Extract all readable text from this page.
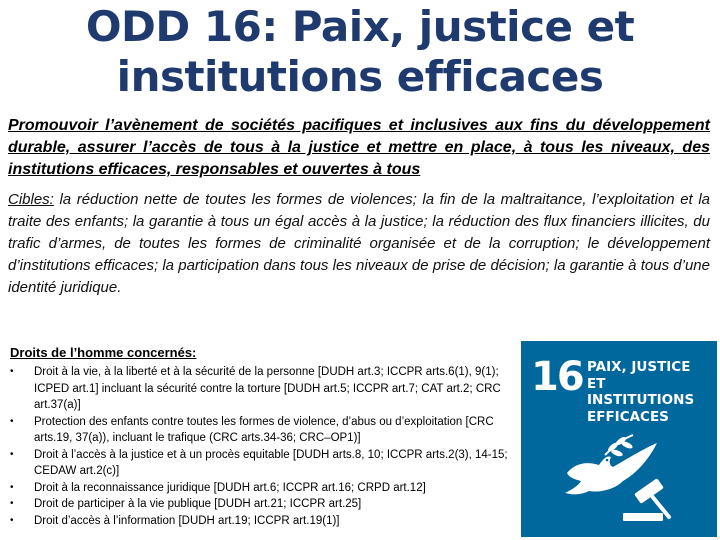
ODD 16: Paix, justice et institutions efficaces

Promouvoir l’avènement de sociétés pacifiques et inclusives aux fins du développement durable, assurer l’accès de tous à la justice et mettre en place, à tous les niveaux, des institutions efficaces, responsables et ouvertes à tous

Cibles: la réduction nette de toutes les formes de violences; la fin de la maltraitance, l’exploitation et la traite des enfants; la garantie à tous un égal accès à la justice; la réduction des flux financiers illicites, du trafic d’armes, de toutes les formes de criminalité organisée et de la corruption; le développement d’institutions efficaces; la participation dans tous les niveaux de prise de décision; la garantie à tous d’une identité juridique.

Droits de l’homme concernés:

• Droit à la vie, à la liberté et à la sécurité de la personne [DUDH art.3; ICCPR arts.6(1), 9(1); ICPED art.1] incluant la sécurité contre la torture [DUDH art.5; ICCPR art.7; CAT art.2; CRC art.37(a)]
• Protection des enfants contre toutes les formes de violence, d’abus ou d’exploitation [CRC arts.19, 37(a)), incluant le trafique (CRC arts.34-36; CRC–OP1)]
• Droit à l’accès à la justice et à un procès equitable [DUDH arts.8, 10; ICCPR arts.2(3), 14-15; CEDAW art.2(c)]
• Droit à la reconnaissance juridique [DUDH art.6; ICCPR art.16; CRPD art.12]
• Droit de participer à la vie publique [DUDH art.21; ICCPR art.25]
• Droit d’accès à l’information [DUDH art.19; ICCPR art.19(1)]
16 PAIX, JUSTICE
ET INSTITUTIONS
EFFICACES
